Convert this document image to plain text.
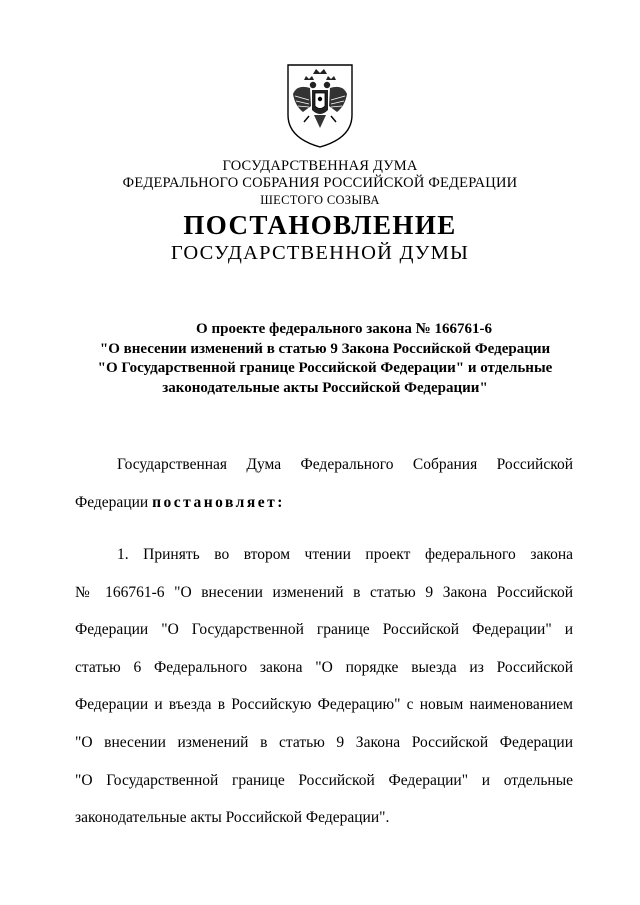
ГОСУДАРСТВЕННАЯ ДУМА
ФЕДЕРАЛЬНОГО СОБРАНИЯ РОССИЙСКОЙ ФЕДЕРАЦИИ
ШЕСТОГО СОЗЫВА
ПОСТАНОВЛЕНИЕ
ГОСУДАРСТВЕННОЙ ДУМЫ
О проекте федерального закона № 166761-6
"О внесении изменений в статью 9 Закона Российской Федерации
"О Государственной границе Российской Федерации" и отдельные
законодательные акты Российской Федерации"
Государственная Дума Федерального Собрания Российской
Федерации постановляет:
1. Принять во втором чтении проект федерального закона
№ 166761-6 "О внесении изменений в статью 9 Закона Российской
Федерации "О Государственной границе Российской Федерации" и
статью 6 Федерального закона "О порядке выезда из Российской
Федерации и въезда в Российскую Федерацию" с новым наименованием
"О внесении изменений в статью 9 Закона Российской Федерации
"О Государственной границе Российской Федерации" и отдельные
законодательные акты Российской Федерации".
